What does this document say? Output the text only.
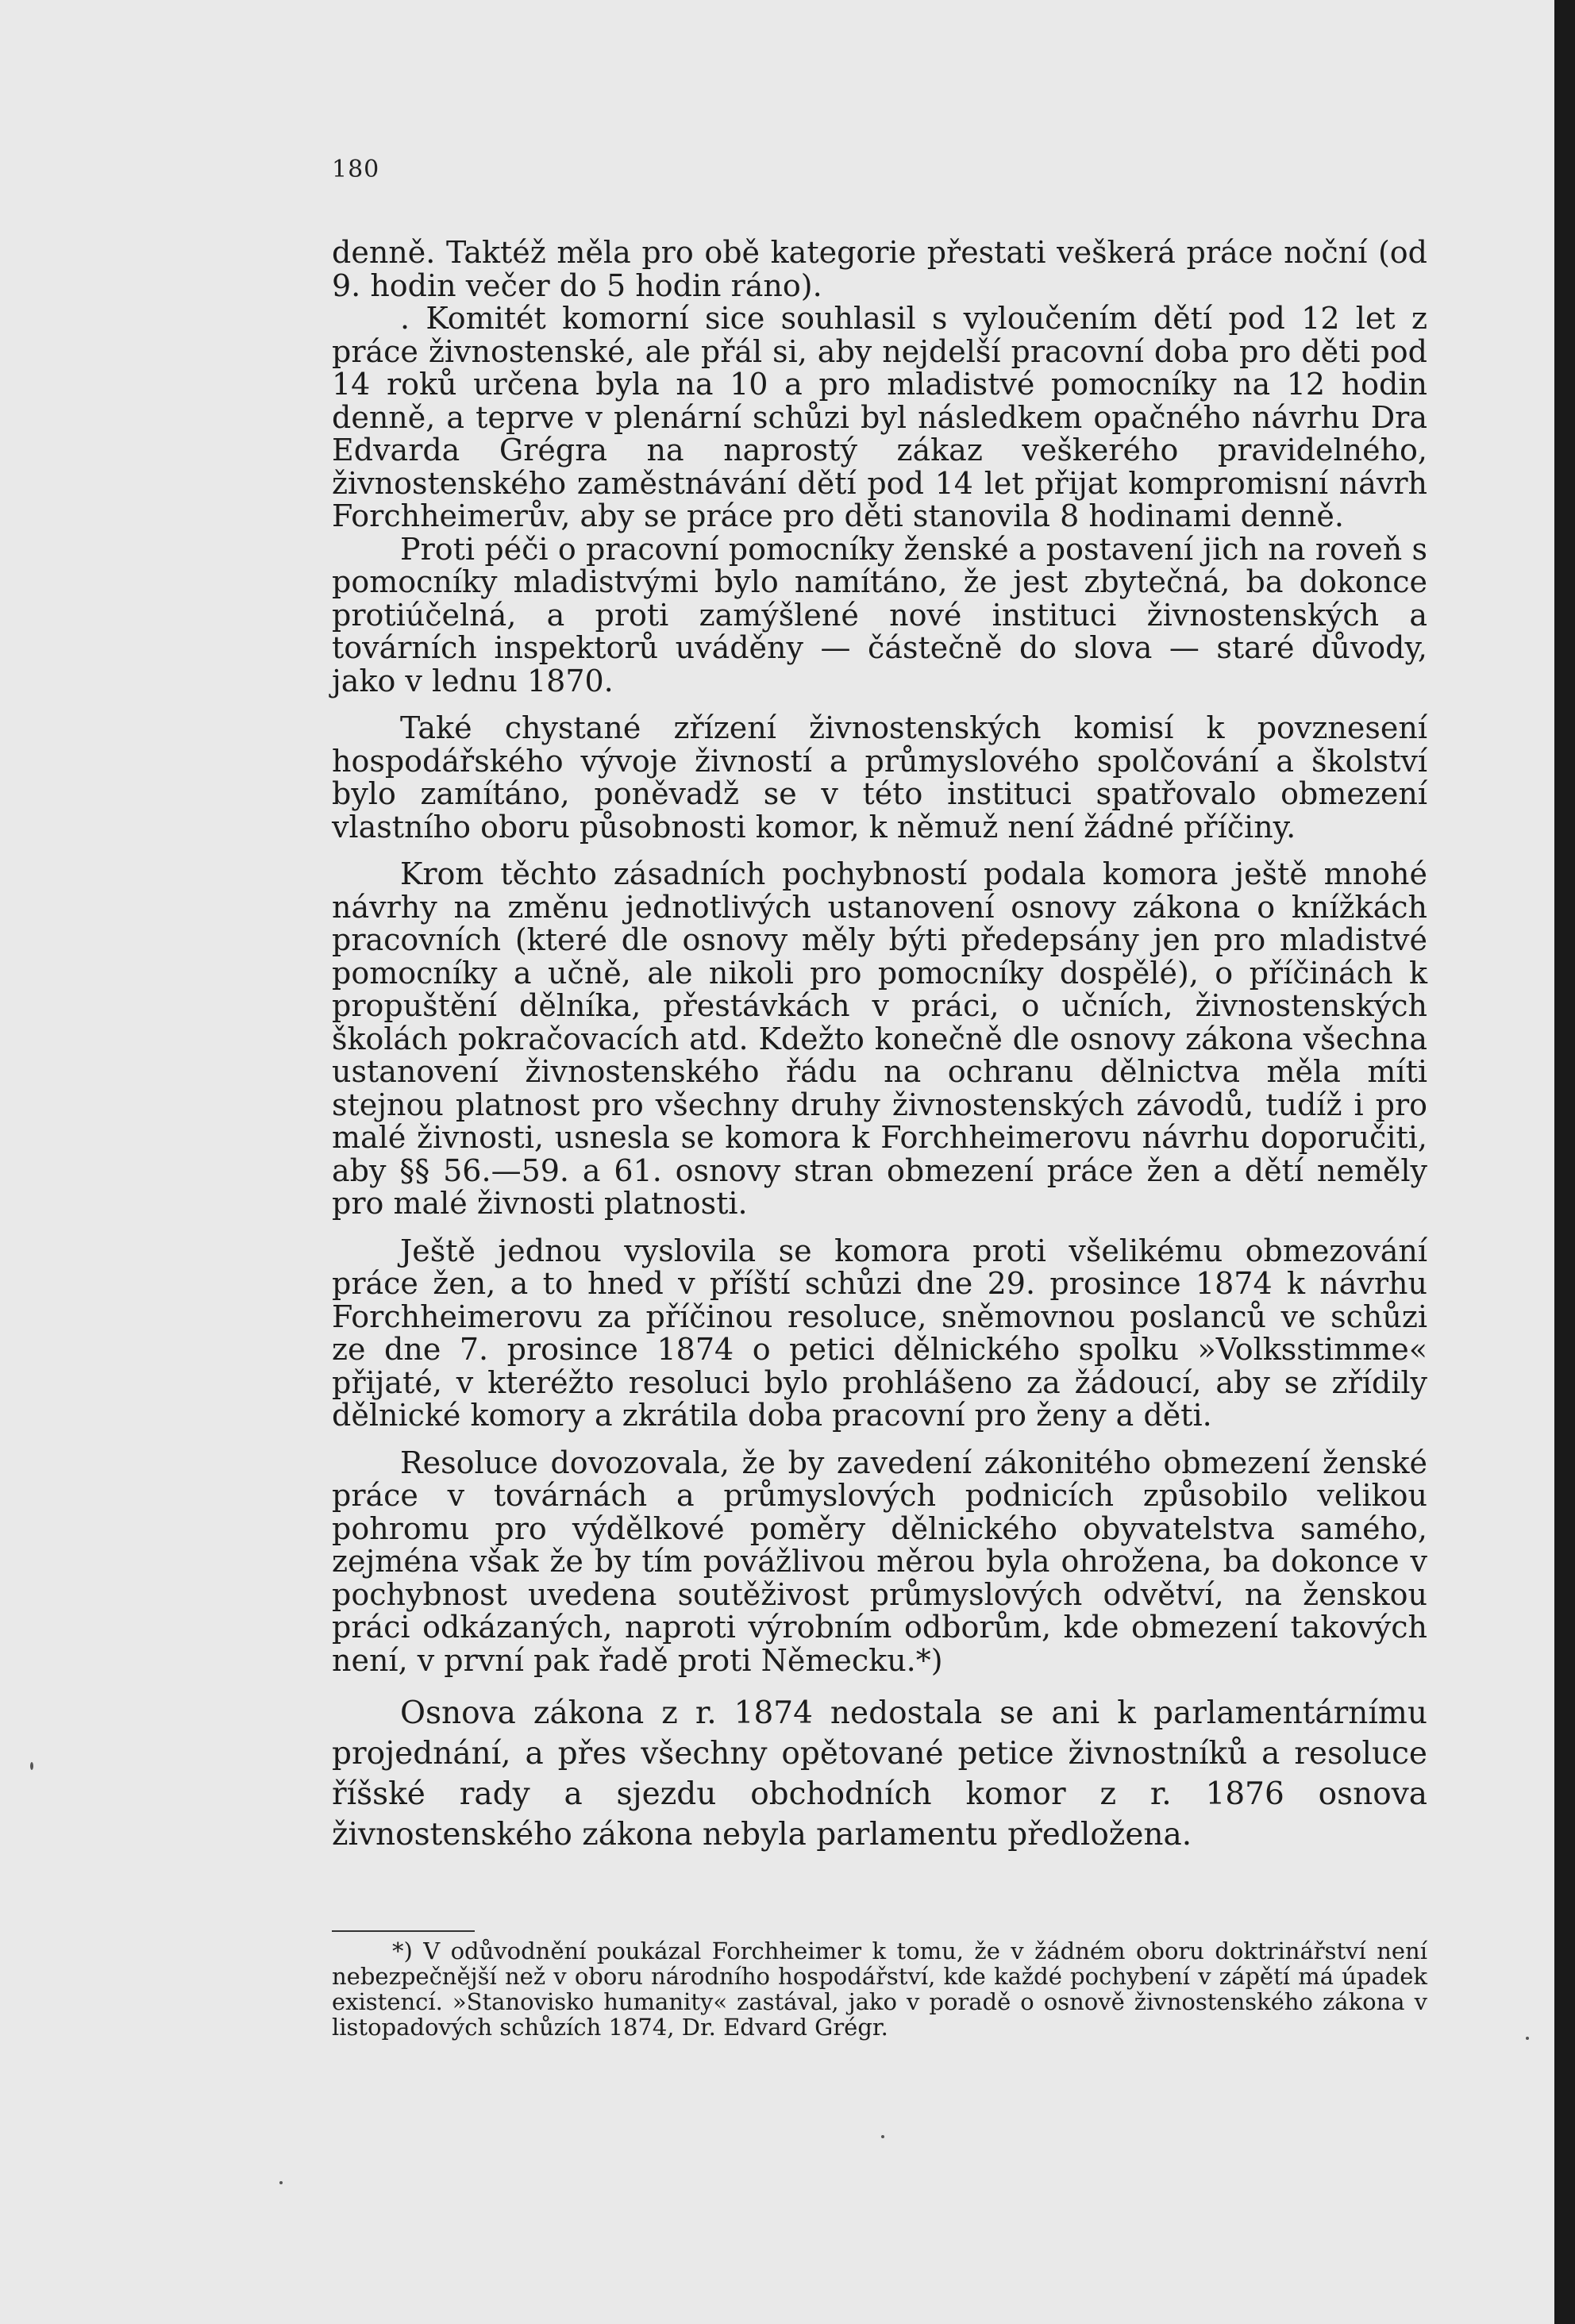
180

denně. Taktéž měla pro obě kategorie přestati veškerá práce noční (od 9. hodin večer do 5 hodin ráno).

. Komitét komorní sice souhlasil s vyloučením dětí pod 12 let z práce živnostenské, ale přál si, aby nejdelší pracovní doba pro děti pod 14 roků určena byla na 10 a pro mladistvé pomocníky na 12 hodin denně, a teprve v plenární schůzi byl následkem opačného návrhu Dra Edvarda Grégra na naprostý zákaz veškerého pravidelného, živnostenského zaměstnávání dětí pod 14 let přijat kompromisní návrh Forchheimerův, aby se práce pro děti stanovila 8 hodinami denně.

Proti péči o pracovní pomocníky ženské a postavení jich na roveň s pomocníky mladistvými bylo namítáno, že jest zbytečná, ba dokonce protiúčelná, a proti zamýšlené nové instituci živnostenských a továrních inspektorů uváděny — částečně do slova — staré důvody, jako v lednu 1870.

Také chystané zřízení živnostenských komisí k povznesení hospodářského vývoje živností a průmyslového spolčování a školství bylo zamítáno, poněvadž se v této instituci spatřovalo obmezení vlastního oboru působnosti komor, k němuž není žádné příčiny.

Krom těchto zásadních pochybností podala komora ještě mnohé návrhy na změnu jednotlivých ustanovení osnovy zákona o knížkách pracovních (které dle osnovy měly býti předepsány jen pro mladistvé pomocníky a učně, ale nikoli pro pomocníky dospělé), o příčinách k propuštění dělníka, přestávkách v práci, o učních, živnostenských školách pokračovacích atd. Kdežto konečně dle osnovy zákona všechna ustanovení živnostenského řádu na ochranu dělnictva měla míti stejnou platnost pro všechny druhy živnostenských závodů, tudíž i pro malé živnosti, usnesla se komora k Forchheimerovu návrhu doporučiti, aby §§ 56.—59. a 61. osnovy stran obmezení práce žen a dětí neměly pro malé živnosti platnosti.

Ještě jednou vyslovila se komora proti všelikému obmezování práce žen, a to hned v příští schůzi dne 29. prosince 1874 k návrhu Forchheimerovu za příčinou resoluce, sněmovnou poslanců ve schůzi ze dne 7. prosince 1874 o petici dělnického spolku »Volksstimme« přijaté, v kteréžto resoluci bylo prohlášeno za žádoucí, aby se zřídily dělnické komory a zkrátila doba pracovní pro ženy a děti.

Resoluce dovozovala, že by zavedení zákonitého obmezení ženské práce v továrnách a průmyslových podnicích způsobilo velikou pohromu pro výdělkové poměry dělnického obyvatelstva samého, zejména však že by tím povážlivou měrou byla ohrožena, ba dokonce v pochybnost uvedena soutěživost průmyslových odvětví, na ženskou práci odkázaných, naproti výrobním odborům, kde obmezení takových není, v první pak řadě proti Německu.*)

Osnova zákona z r. 1874 nedostala se ani k parlamentárnímu projednání, a přes všechny opětované petice živnostníků a resoluce říšské rady a sjezdu obchodních komor z r. 1876 osnova živnostenského zákona nebyla parlamentu předložena.

*) V odůvodnění poukázal Forchheimer k tomu, že v žádném oboru doktrinářství není nebezpečnější než v oboru národního hospodářství, kde každé pochybení v zápětí má úpadek existencí. »Stanovisko humanity« zastával, jako v poradě o osnově živnostenského zákona v listopadových schůzích 1874, Dr. Edvard Grégr.
